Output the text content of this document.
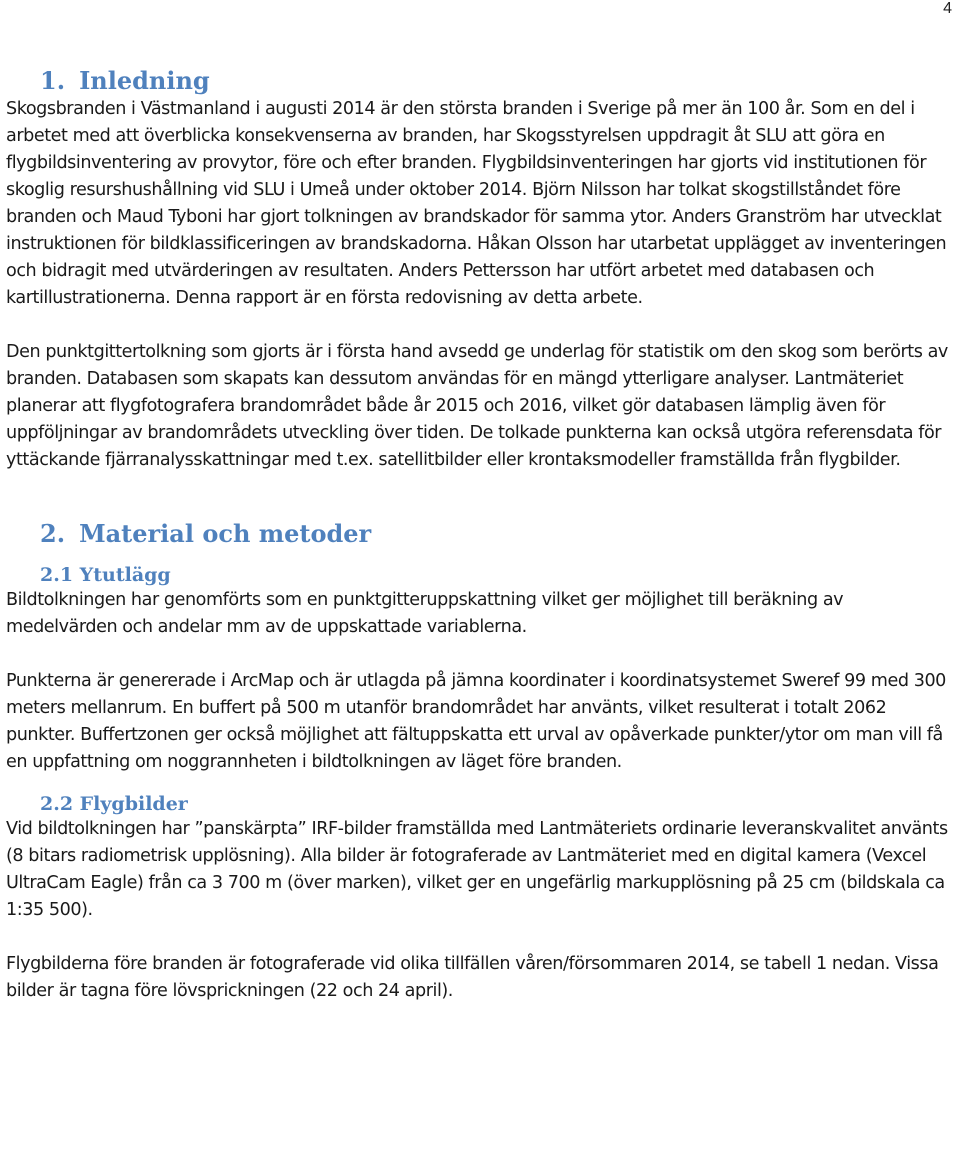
4
1. Inledning

Skogsbranden i Västmanland i augusti 2014 är den största branden i Sverige på mer än 100 år. Som en del i arbetet med att överblicka konsekvenserna av branden, har Skogsstyrelsen uppdragit åt SLU att göra en flygbildsinventering av provytor, före och efter branden. Flygbildsinventeringen har gjorts vid institutionen för skoglig resurshushållning vid SLU i Umeå under oktober 2014. Björn Nilsson har tolkat skogstillståndet före branden och Maud Tyboni har gjort tolkningen av brandskador för samma ytor. Anders Granström har utvecklat instruktionen för bildklassificeringen av brandskadorna. Håkan Olsson har utarbetat upplägget av inventeringen och bidragit med utvärderingen av resultaten. Anders Pettersson har utfört arbetet med databasen och kartillustrationerna. Denna rapport är en första redovisning av detta arbete.

Den punktgittertolkning som gjorts är i första hand avsedd ge underlag för statistik om den skog som berörts av branden. Databasen som skapats kan dessutom användas för en mängd ytterligare analyser. Lantmäteriet planerar att flygfotografera brandområdet både år 2015 och 2016, vilket gör databasen lämplig även för uppföljningar av brandområdets utveckling över tiden. De tolkade punkterna kan också utgöra referensdata för yttäckande fjärranalysskattningar med t.ex. satellitbilder eller krontaksmodeller framställda från flygbilder.

2. Material och metoder
2.1 Ytutlägg

Bildtolkningen har genomförts som en punktgitteruppskattning vilket ger möjlighet till beräkning av medelvärden och andelar mm av de uppskattade variablerna.

Punkterna är genererade i ArcMap och är utlagda på jämna koordinater i koordinatsystemet Sweref 99 med 300 meters mellanrum. En buffert på 500 m utanför brandområdet har använts, vilket resulterat i totalt 2062 punkter. Buffertzonen ger också möjlighet att fältuppskatta ett urval av opåverkade punkter/ytor om man vill få en uppfattning om noggrannheten i bildtolkningen av läget före branden.

2.2 Flygbilder

Vid bildtolkningen har ”panskärpta” IRF-bilder framställda med Lantmäteriets ordinarie leveranskvalitet använts (8 bitars radiometrisk upplösning). Alla bilder är fotograferade av Lantmäteriet med en digital kamera (Vexcel UltraCam Eagle) från ca 3 700 m (över marken), vilket ger en ungefärlig markupplösning på 25 cm (bildskala ca 1:35 500).

Flygbilderna före branden är fotograferade vid olika tillfällen våren/försommaren 2014, se tabell 1 nedan. Vissa bilder är tagna före lövsprickningen (22 och 24 april).
